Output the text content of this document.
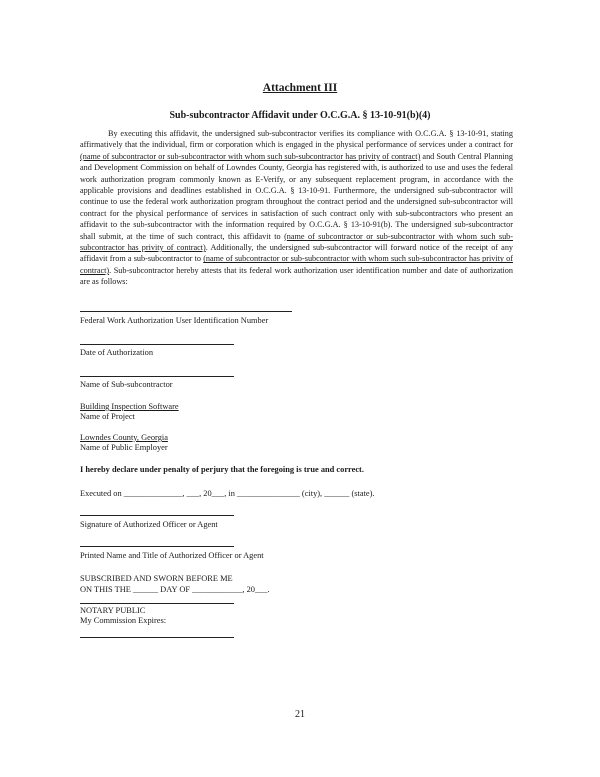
Attachment III
Sub-subcontractor Affidavit under O.C.G.A. § 13-10-91(b)(4)

By executing this affidavit, the undersigned sub-subcontractor verifies its compliance with O.C.G.A. § 13-10-91, stating affirmatively that the individual, firm or corporation which is engaged in the physical performance of services under a contract for (name of subcontractor or sub-subcontractor with whom such sub-subcontractor has privity of contract) and South Central Planning and Development Commission on behalf of Lowndes County, Georgia has registered with, is authorized to use and uses the federal work authorization program commonly known as E-Verify, or any subsequent replacement program, in accordance with the applicable provisions and deadlines established in O.C.G.A. § 13-10-91. Furthermore, the undersigned sub-subcontractor will continue to use the federal work authorization program throughout the contract period and the undersigned sub-subcontractor will contract for the physical performance of services in satisfaction of such contract only with sub-subcontractors who present an affidavit to the sub-subcontractor with the information required by O.C.G.A. § 13-10-91(b). The undersigned sub-subcontractor shall submit, at the time of such contract, this affidavit to (name of subcontractor or sub-subcontractor with whom such sub-subcontractor has privity of contract). Additionally, the undersigned sub-subcontractor will forward notice of the receipt of any affidavit from a sub-subcontractor to (name of subcontractor or sub-subcontractor with whom such sub-subcontractor has privity of contract). Sub-subcontractor hereby attests that its federal work authorization user identification number and date of authorization are as follows:

Federal Work Authorization User Identification Number
Date of Authorization
Name of Sub-subcontractor
Building Inspection Software
Name of Project
Lowndes County, Georgia
Name of Public Employer
I hereby declare under penalty of perjury that the foregoing is true and correct.
Executed on ______________, ___, 20___, in _______________ (city), ______ (state).
Signature of Authorized Officer or Agent
Printed Name and Title of Authorized Officer or Agent
SUBSCRIBED AND SWORN BEFORE ME
ON THIS THE ______ DAY OF ____________, 20___.
NOTARY PUBLIC
My Commission Expires:
21
